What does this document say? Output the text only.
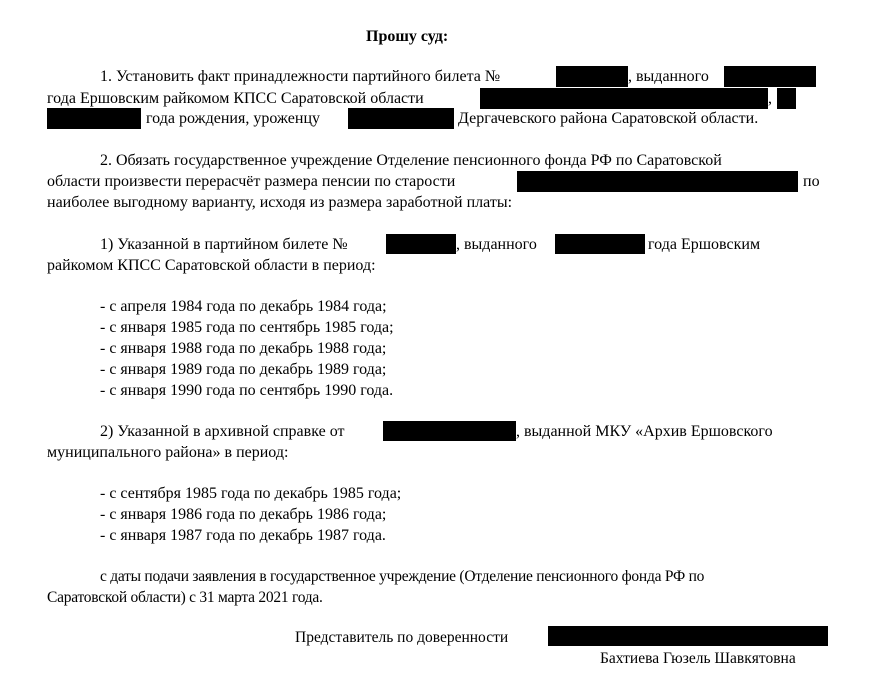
Прошу суд:
1. Установить факт принадлежности партийного билета №	, выданного
года Ершовским райкомом КПСС Саратовской области	,
года рождения, уроженцу	Дергачевского района Саратовской области.
2. Обязать государственное учреждение Отделение пенсионного фонда РФ по Саратовской
области произвести перерасчёт размера пенсии по старости	по
наиболее выгодному варианту, исходя из размера заработной платы:
1) Указанной в партийном билете №	, выданного	года Ершовским
райкомом КПСС Саратовской области в период:
- с апреля 1984 года по декабрь 1984 года;
- с января 1985 года по сентябрь 1985 года;
- с января 1988 года по декабрь 1988 года;
- с января 1989 года по декабрь 1989 года;
- с января 1990 года по сентябрь 1990 года.
2) Указанной в архивной справке от	, выданной МКУ «Архив Ершовского
муниципального района» в период:
- с сентября 1985 года по декабрь 1985 года;
- с января 1986 года по декабрь 1986 года;
- с января 1987 года по декабрь 1987 года.
с даты подачи заявления в государственное учреждение (Отделение пенсионного фонда РФ по
Саратовской области) с 31 марта 2021 года.
Представитель по доверенности
Бахтиева Гюзель Шавкятовна
